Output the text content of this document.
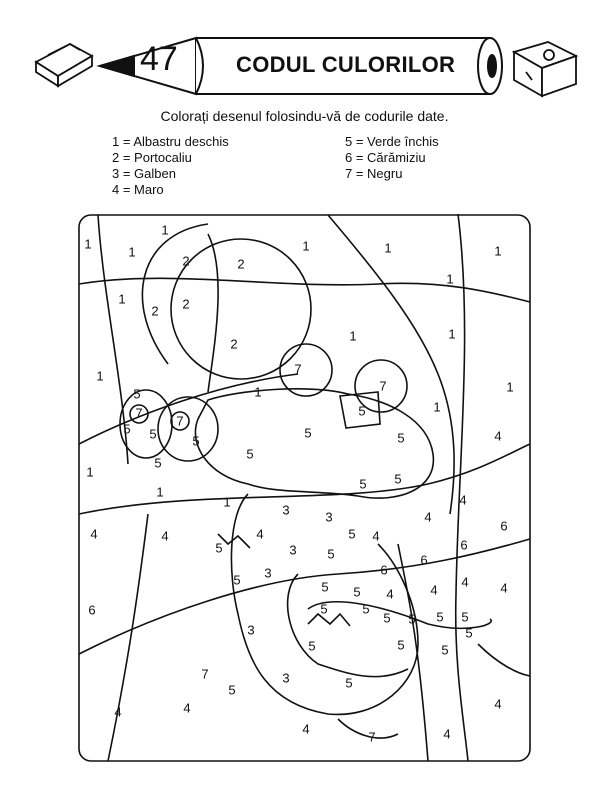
47	CODUL CULORILOR
Colorați desenul folosindu-vă de codurile date.
1 = Albastru deschis
2 = Portocaliu
3 = Galben
4 = Maro
5 = Verde închis
6 = Cărămiziu
7 = Negru
1
1
1
2	2
1	1	1
1
2 2
1
1	1
2
1
1
7
7
1
5
7
5 5
7
5
5	1
5	5
5
5
1
4
5 5
1
1	4
3	3	4
4	4
5
4	5 4
6
6
3 5	6
6
5 3
4
4 4
6
5 5 4
5	5
5 5 5 5
5
3
5	5	5
7	3	5
5
4	4	4
4
7	4
